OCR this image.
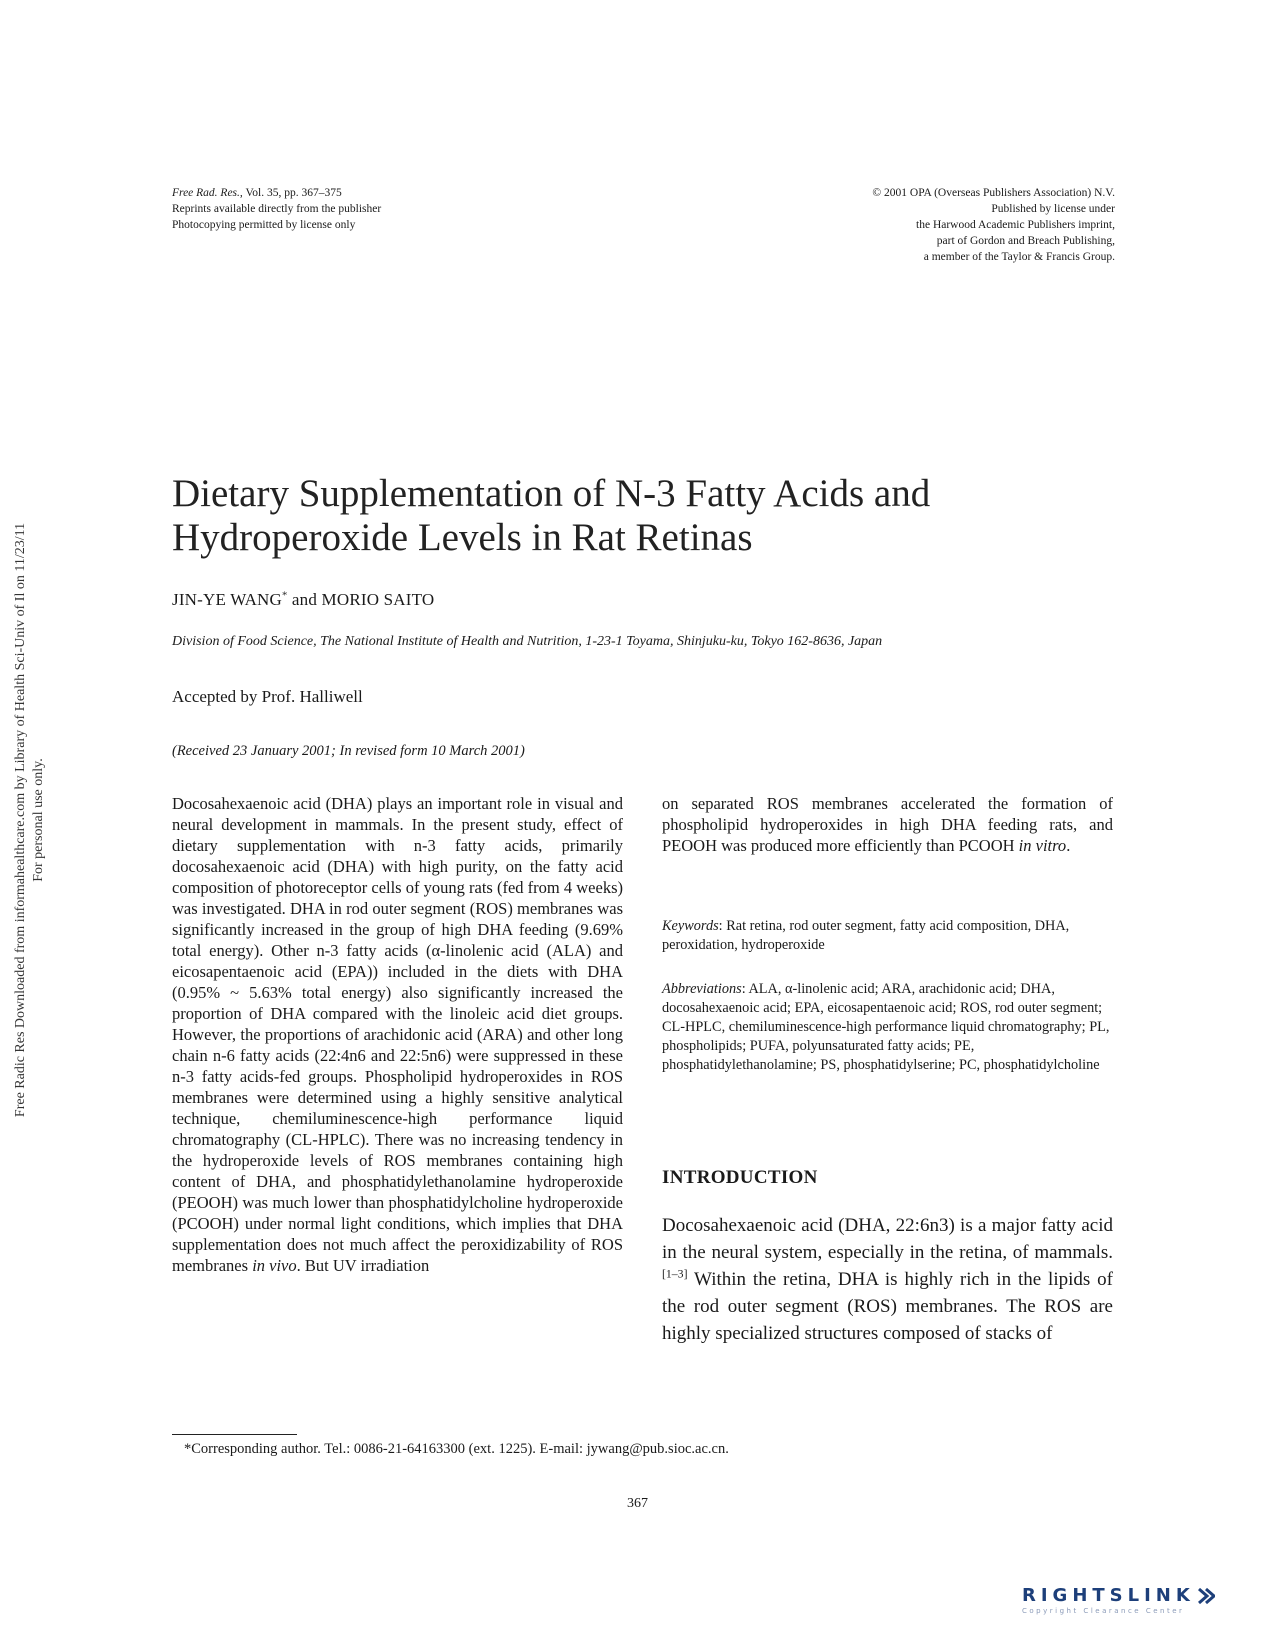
Free Radic Res Downloaded from informahealthcare.com by Library of Health Sci-Univ of Il on 11/23/11 For personal use only.
Free Rad. Res., Vol. 35, pp. 367–375
Reprints available directly from the publisher
Photocopying permitted by license only
© 2001 OPA (Overseas Publishers Association) N.V.
Published by license under
the Harwood Academic Publishers imprint,
part of Gordon and Breach Publishing,
a member of the Taylor & Francis Group.
Dietary Supplementation of N-3 Fatty Acids and
Hydroperoxide Levels in Rat Retinas
JIN-YE WANG* and MORIO SAITO
Division of Food Science, The National Institute of Health and Nutrition, 1-23-1 Toyama, Shinjuku-ku, Tokyo 162-8636, Japan
Accepted by Prof. Halliwell
(Received 23 January 2001; In revised form 10 March 2001)
Docosahexaenoic acid (DHA) plays an important role in visual and neural development in mammals. In the present study, effect of dietary supplementation with n-3 fatty acids, primarily docosahexaenoic acid (DHA) with high purity, on the fatty acid composition of photoreceptor cells of young rats (fed from 4 weeks) was investigated. DHA in rod outer segment (ROS) membranes was significantly increased in the group of high DHA feeding (9.69% total energy). Other n-3 fatty acids (α-linolenic acid (ALA) and eicosapentaenoic acid (EPA)) included in the diets with DHA (0.95% ~ 5.63% total energy) also significantly increased the proportion of DHA compared with the linoleic acid diet groups. However, the proportions of arachidonic acid (ARA) and other long chain n-6 fatty acids (22:4n6 and 22:5n6) were suppressed in these n-3 fatty acids-fed groups. Phospholipid hydroperoxides in ROS membranes were determined using a highly sensitive analytical technique, chemiluminescence-high performance liquid chromatography (CL-HPLC). There was no increasing tendency in the hydroperoxide levels of ROS membranes containing high content of DHA, and phosphatidylethanolamine hydroperoxide (PEOOH) was much lower than phosphatidylcholine hydroperoxide (PCOOH) under normal light conditions, which implies that DHA supplementation does not much affect the peroxidizability of ROS membranes in vivo. But UV irradiation
on separated ROS membranes accelerated the formation of phospholipid hydroperoxides in high DHA feeding rats, and PEOOH was produced more efficiently than PCOOH in vitro.
Keywords: Rat retina, rod outer segment, fatty acid composition, DHA, peroxidation, hydroperoxide
Abbreviations: ALA, α-linolenic acid; ARA, arachidonic acid; DHA, docosahexaenoic acid; EPA, eicosapentaenoic acid; ROS, rod outer segment; CL-HPLC, chemiluminescence-high performance liquid chromatography; PL, phospholipids; PUFA, polyunsaturated fatty acids; PE, phosphatidylethanolamine; PS, phosphatidylserine; PC, phosphatidylcholine
INTRODUCTION
Docosahexaenoic acid (DHA, 22:6n3) is a major fatty acid in the neural system, especially in the retina, of mammals.[1–3] Within the retina, DHA is highly rich in the lipids of the rod outer segment (ROS) membranes. The ROS are highly specialized structures composed of stacks of
*Corresponding author. Tel.: 0086-21-64163300 (ext. 1225). E-mail: jywang@pub.sioc.ac.cn.
367
RIGHTSLINK
Copyright Clearance Center
